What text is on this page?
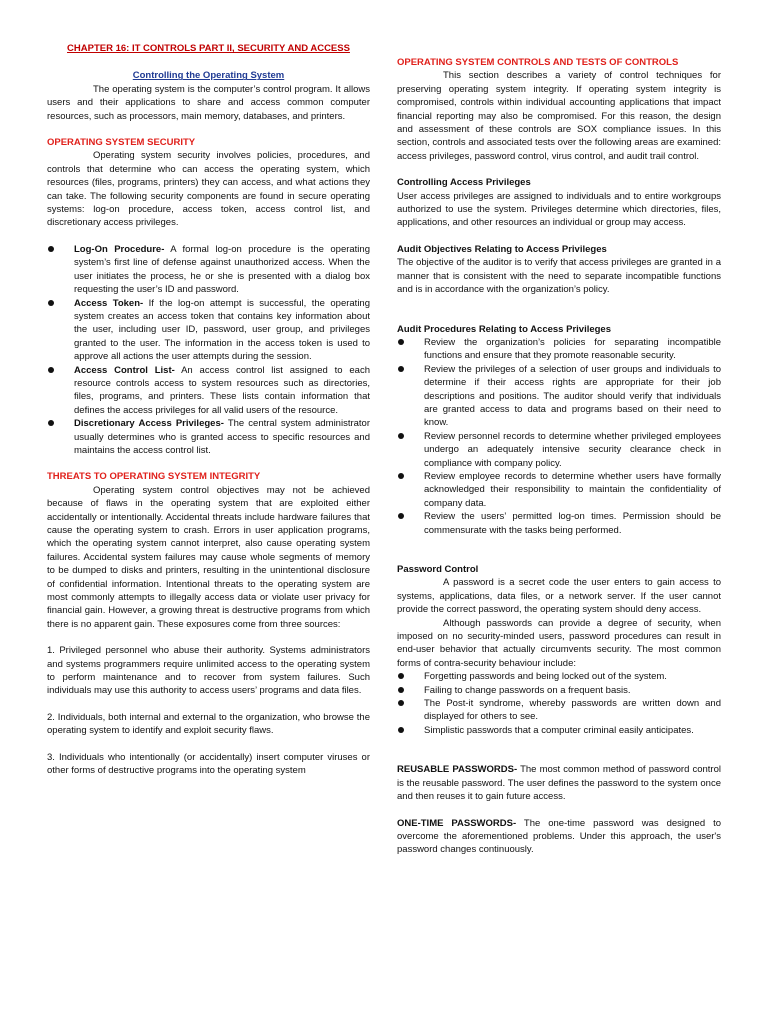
CHAPTER 16: IT CONTROLS PART II, SECURITY AND ACCESS

Controlling the Operating System

The operating system is the computer’s control program. It allows users and their applications to share and access common computer resources, such as processors, main memory, databases, and printers.

OPERATING SYSTEM SECURITY

Operating system security involves policies, procedures, and controls that determine who can access the operating system, which resources (files, programs, printers) they can access, and what actions they can take. The following security components are found in secure operating systems: log-on procedure, access token, access control list, and discretionary access privileges.

Log-On Procedure- A formal log-on procedure is the operating system’s first line of defense against unauthorized access. When the user initiates the process, he or she is presented with a dialog box requesting the user’s ID and password.
Access Token- If the log-on attempt is successful, the operating system creates an access token that contains key information about the user, including user ID, password, user group, and privileges granted to the user. The information in the access token is used to approve all actions the user attempts during the session.
Access Control List- An access control list assigned to each resource controls access to system resources such as directories, files, programs, and printers. These lists contain information that defines the access privileges for all valid users of the resource.
Discretionary Access Privileges- The central system administrator usually determines who is granted access to specific resources and maintains the access control list.

THREATS TO OPERATING SYSTEM INTEGRITY

Operating system control objectives may not be achieved because of flaws in the operating system that are exploited either accidentally or intentionally. Accidental threats include hardware failures that cause the operating system to crash. Errors in user application programs, which the operating system cannot interpret, also cause operating system failures. Accidental system failures may cause whole segments of memory to be dumped to disks and printers, resulting in the unintentional disclosure of confidential information. Intentional threats to the operating system are most commonly attempts to illegally access data or violate user privacy for financial gain. However, a growing threat is destructive programs from which there is no apparent gain. These exposures come from three sources:

1. Privileged personnel who abuse their authority. Systems administrators and systems programmers require unlimited access to the operating system to perform maintenance and to recover from system failures. Such individuals may use this authority to access users’ programs and data files.

2. Individuals, both internal and external to the organization, who browse the operating system to identify and exploit security flaws.

3. Individuals who intentionally (or accidentally) insert computer viruses or other forms of destructive programs into the operating system

OPERATING SYSTEM CONTROLS AND TESTS OF CONTROLS

This section describes a variety of control techniques for preserving operating system integrity. If operating system integrity is compromised, controls within individual accounting applications that impact financial reporting may also be compromised. For this reason, the design and assessment of these controls are SOX compliance issues. In this section, controls and associated tests over the following areas are examined: access privileges, password control, virus control, and audit trail control.

Controlling Access Privileges

User access privileges are assigned to individuals and to entire workgroups authorized to use the system. Privileges determine which directories, files, applications, and other resources an individual or group may access.

Audit Objectives Relating to Access Privileges

The objective of the auditor is to verify that access privileges are granted in a manner that is consistent with the need to separate incompatible functions and is in accordance with the organization’s policy.

Audit Procedures Relating to Access Privileges

Review the organization’s policies for separating incompatible functions and ensure that they promote reasonable security.
Review the privileges of a selection of user groups and individuals to determine if their access rights are appropriate for their job descriptions and positions. The auditor should verify that individuals are granted access to data and programs based on their need to know.
Review personnel records to determine whether privileged employees undergo an adequately intensive security clearance check in compliance with company policy.
Review employee records to determine whether users have formally acknowledged their responsibility to maintain the confidentiality of company data.
Review the users’ permitted log-on times. Permission should be commensurate with the tasks being performed.

Password Control

A password is a secret code the user enters to gain access to systems, applications, data files, or a network server. If the user cannot provide the correct password, the operating system should deny access.

Although passwords can provide a degree of security, when imposed on no security-minded users, password procedures can result in end-user behavior that actually circumvents security. The most common forms of contra-security behaviour include:

Forgetting passwords and being locked out of the system.
Failing to change passwords on a frequent basis.
The Post-it syndrome, whereby passwords are written down and displayed for others to see.
Simplistic passwords that a computer criminal easily anticipates.

REUSABLE PASSWORDS- The most common method of password control is the reusable password. The user defines the password to the system once and then reuses it to gain future access.

ONE-TIME PASSWORDS- The one-time password was designed to overcome the aforementioned problems. Under this approach, the user's password changes continuously.
